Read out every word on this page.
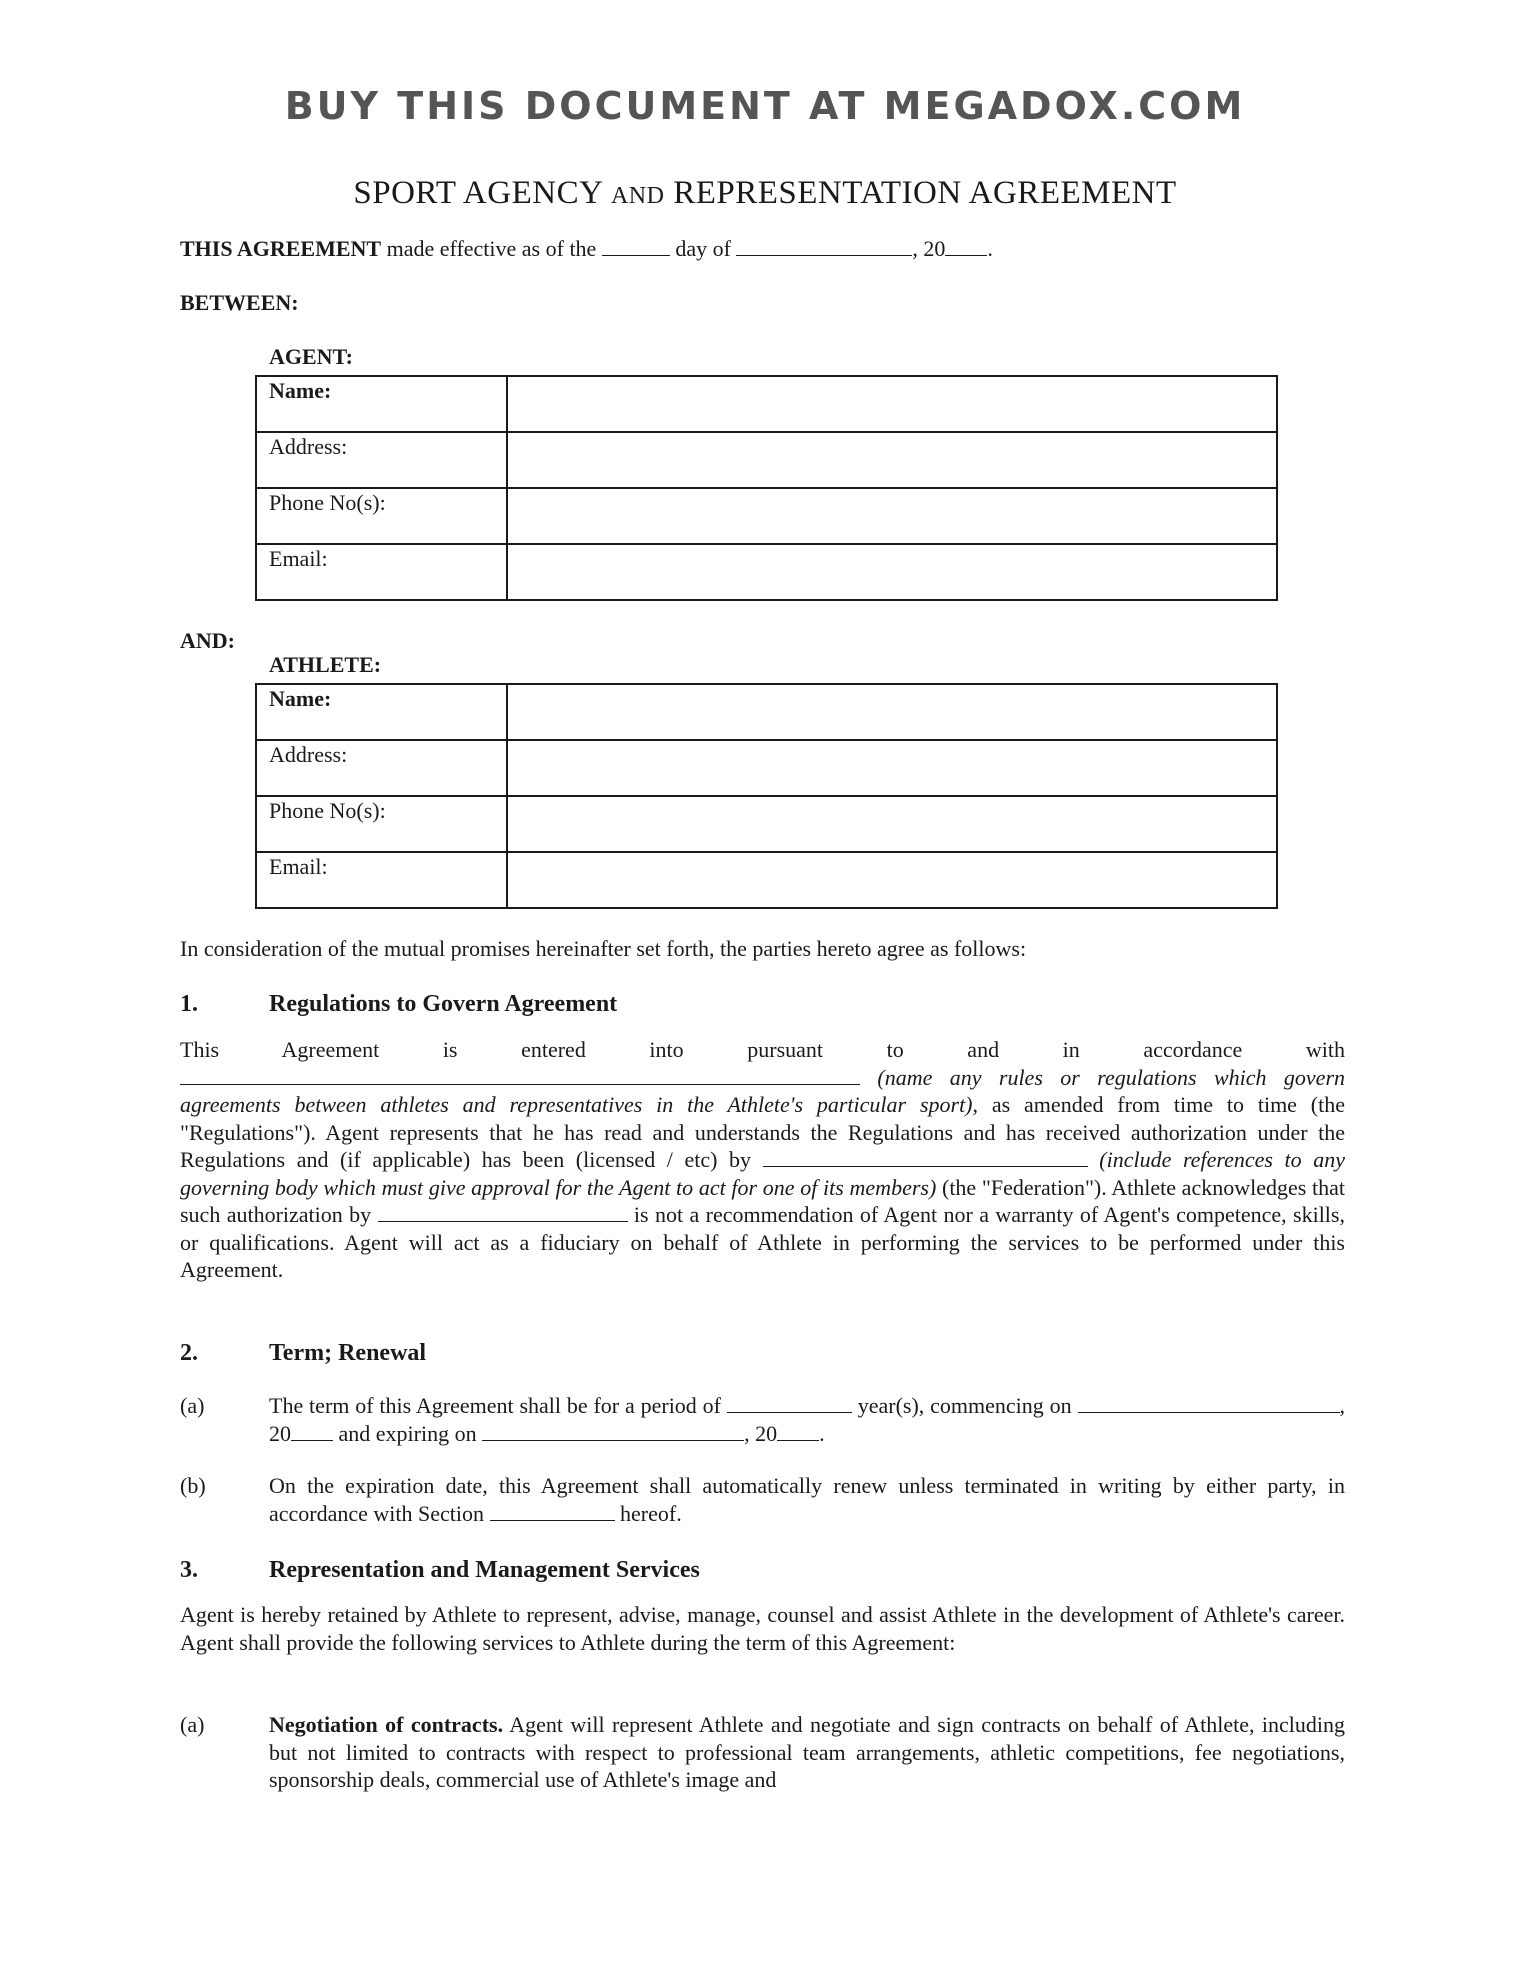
BUY THIS DOCUMENT AT MEGADOX.COM
SPORT AGENCY AND REPRESENTATION AGREEMENT
THIS AGREEMENT made effective as of the	day of	, 20 .
BETWEEN:
AGENT:
Name:	
Address:	
Phone No(s):	
Email:	
AND:
ATHLETE:
Name:	
Address:	
Phone No(s):	
Email:	
In consideration of the mutual promises hereinafter set forth, the parties hereto agree as follows:
1.	Regulations to Govern Agreement
This Agreement is entered into pursuant to and in accordance with  (name any rules or regulations which govern agreements between athletes and representatives in the Athlete's particular sport), as amended from time to time (the "Regulations"). Agent represents that he has read and understands the Regulations and has received authorization under the Regulations and (if applicable) has been (licensed / etc) by	(include references to any governing body which must give approval for the Agent to act for one of its members) (the "Federation"). Athlete acknowledges that such authorization by	is not a recommendation of Agent nor a warranty of Agent's competence, skills, or qualifications. Agent will act as a fiduciary on behalf of Athlete in performing the services to be performed under this Agreement.
2.	Term; Renewal
(a)	The term of this Agreement shall be for a period of	year(s), commencing on	, 20 and expiring on	, 20 .
(b)	On the expiration date, this Agreement shall automatically renew unless terminated in writing by either party, in accordance with Section	hereof.
3.	Representation and Management Services
Agent is hereby retained by Athlete to represent, advise, manage, counsel and assist Athlete in the development of Athlete's career. Agent shall provide the following services to Athlete during the term of this Agreement:
(a)	Negotiation of contracts. Agent will represent Athlete and negotiate and sign contracts on behalf of Athlete, including but not limited to contracts with respect to professional team arrangements, athletic competitions, fee negotiations, sponsorship deals, commercial use of Athlete's image and
